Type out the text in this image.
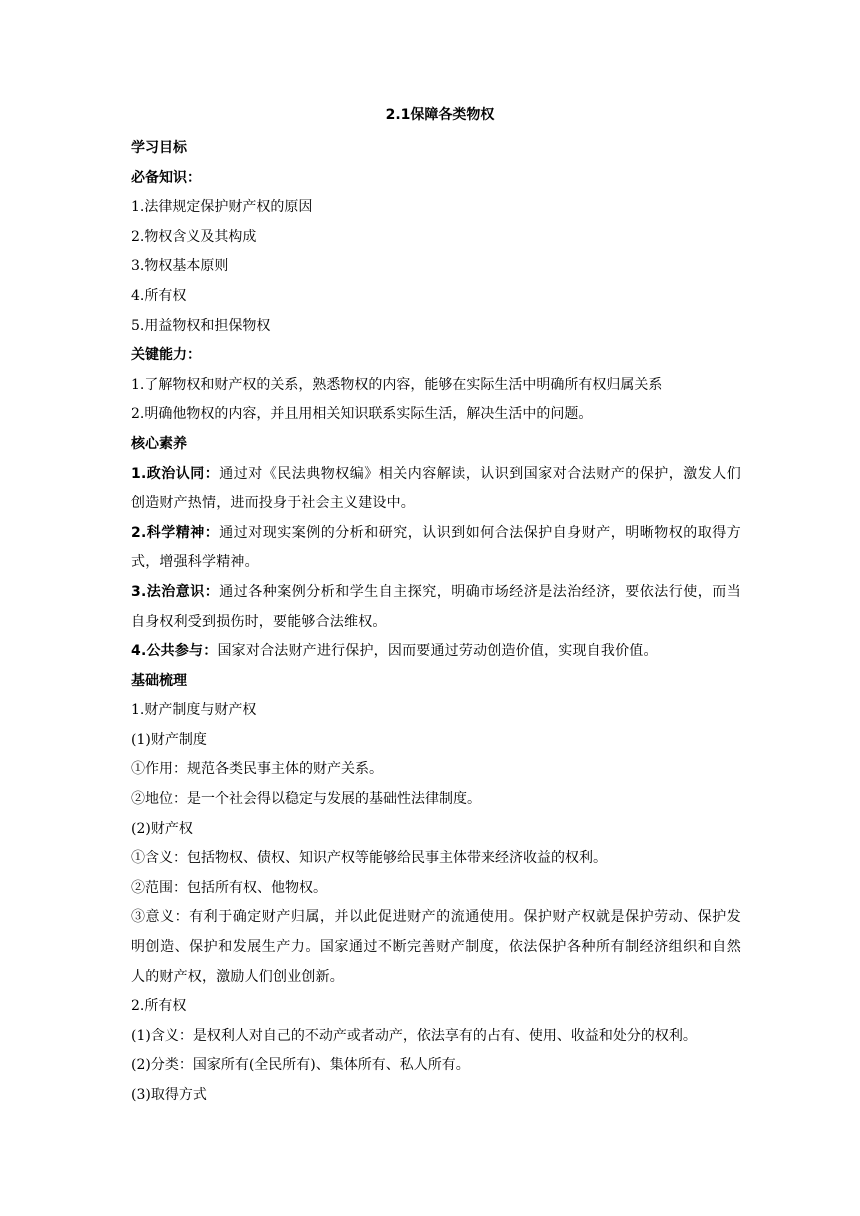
2.1保障各类物权
学习目标
必备知识：
1.法律规定保护财产权的原因
2.物权含义及其构成
3.物权基本原则
4.所有权
5.用益物权和担保物权
关键能力：
1.了解物权和财产权的关系，熟悉物权的内容，能够在实际生活中明确所有权归属关系
2.明确他物权的内容，并且用相关知识联系实际生活，解决生活中的问题。
核心素养
1.政治认同：通过对《民法典物权编》相关内容解读，认识到国家对合法财产的保护，激发人们创造财产热情，进而投身于社会主义建设中。
2.科学精神：通过对现实案例的分析和研究，认识到如何合法保护自身财产，明晰物权的取得方式，增强科学精神。
3.法治意识：通过各种案例分析和学生自主探究，明确市场经济是法治经济，要依法行使，而当自身权利受到损伤时，要能够合法维权。
4.公共参与：国家对合法财产进行保护，因而要通过劳动创造价值，实现自我价值。
基础梳理
1.财产制度与财产权
(1)财产制度
①作用：规范各类民事主体的财产关系。
②地位：是一个社会得以稳定与发展的基础性法律制度。
(2)财产权
①含义：包括物权、债权、知识产权等能够给民事主体带来经济收益的权利。
②范围：包括所有权、他物权。
③意义：有利于确定财产归属，并以此促进财产的流通使用。保护财产权就是保护劳动、保护发明创造、保护和发展生产力。国家通过不断完善财产制度，依法保护各种所有制经济组织和自然人的财产权，激励人们创业创新。
2.所有权
(1)含义：是权利人对自己的不动产或者动产，依法享有的占有、使用、收益和处分的权利。
(2)分类：国家所有(全民所有)、集体所有、私人所有。
(3)取得方式
